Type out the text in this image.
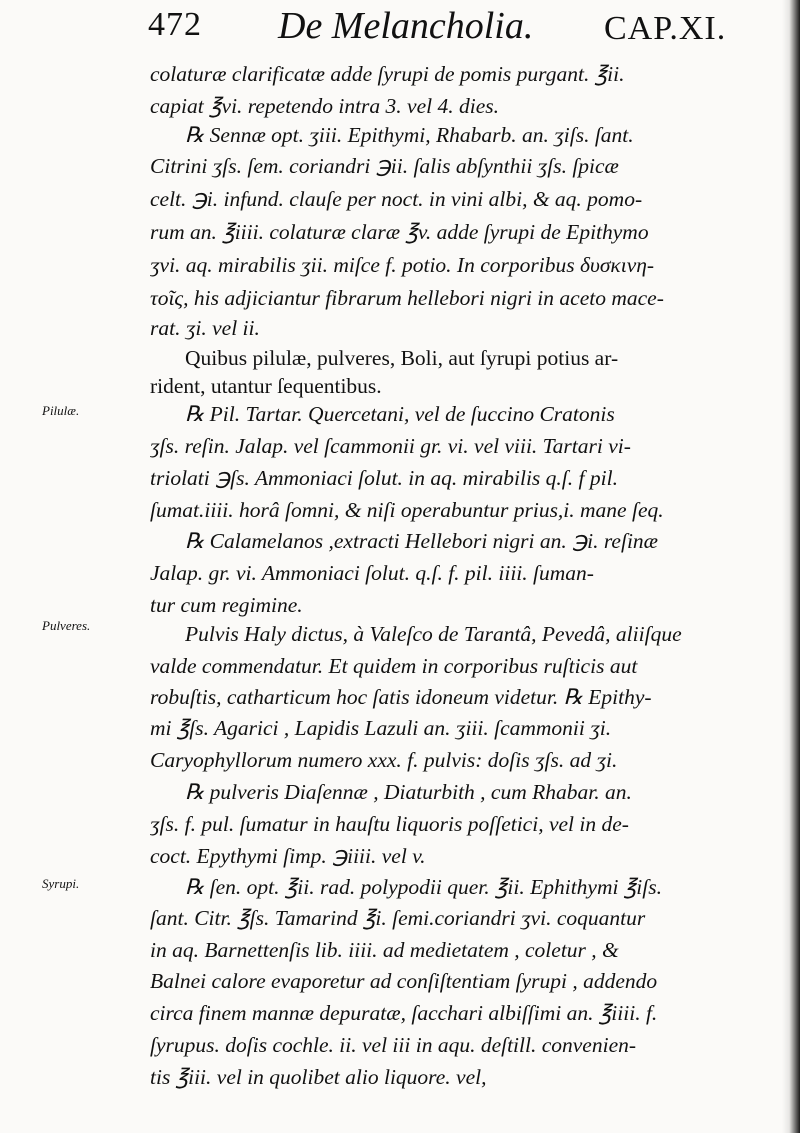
472 De Melancholia. CAP.XI.
Pilulæ.
Pulveres.
Syrupi.
colaturæ clarificatæ adde ſyrupi de pomis purgant. ℥ii.
capiat ℥vi. repetendo intra 3. vel 4. dies.
℞ Sennæ opt. ʒiii. Epithymi, Rhabarb. an. ʒiſs. ſant.
Citrini ʒſs. ſem. coriandri ℈ii. ſalis abſynthii ʒſs. ſpicæ
celt. ℈i. infund. clauſe per noct. in vini albi, & aq. pomo-
rum an. ℥iiii. colaturæ claræ ℥v. adde ſyrupi de Epithymo
ʒvi. aq. mirabilis ʒii. miſce f. potio. In corporibus δυσκινη-
τοῖς, his adjiciantur fibrarum hellebori nigri in aceto mace-
rat. ʒi. vel ii.
Quibus pilulæ, pulveres, Boli, aut ſyrupi potius ar-
rident, utantur ſequentibus.
℞ Pil. Tartar. Quercetani, vel de ſuccino Cratonis
ʒſs. reſin. Jalap. vel ſcammonii gr. vi. vel viii. Tartari vi-
triolati ℈ſs. Ammoniaci ſolut. in aq. mirabilis q.ſ. f pil.
ſumat.iiii. horâ ſomni, & niſi operabuntur prius,i. mane ſeq.
℞ Calamelanos ,extracti Hellebori nigri an. ℈i. reſinæ
Jalap. gr. vi. Ammoniaci ſolut. q.ſ. f. pil. iiii. ſuman-
tur cum regimine.
Pulvis Haly dictus, à Valeſco de Tarantâ, Pevedâ, aliiſque
valde commendatur. Et quidem in corporibus ruſticis aut
robuſtis, catharticum hoc ſatis idoneum videtur. ℞ Epithy-
mi ℥ſs. Agarici , Lapidis Lazuli an. ʒiii. ſcammonii ʒi.
Caryophyllorum numero xxx. f. pulvis: doſis ʒſs. ad ʒi.
℞ pulveris Diaſennæ , Diaturbith , cum Rhabar. an.
ʒſs. f. pul. ſumatur in hauſtu liquoris poſſetici, vel in de-
coct. Epythymi ſimp. ℈iiii. vel v.
℞ ſen. opt. ℥ii. rad. polypodii quer. ℥ii. Ephithymi ℥iſs.
ſant. Citr. ℥ſs. Tamarind ℥i. ſemi.coriandri ʒvi. coquantur
in aq. Barnettenſis lib. iiii. ad medietatem , coletur , &
Balnei calore evaporetur ad conſiſtentiam ſyrupi , addendo
circa finem mannæ depuratæ, ſacchari albiſſimi an. ℥iiii. f.
ſyrupus. doſis cochle. ii. vel iii in aqu. deſtill. convenien-
tis ℥iii. vel in quolibet alio liquore. vel,
